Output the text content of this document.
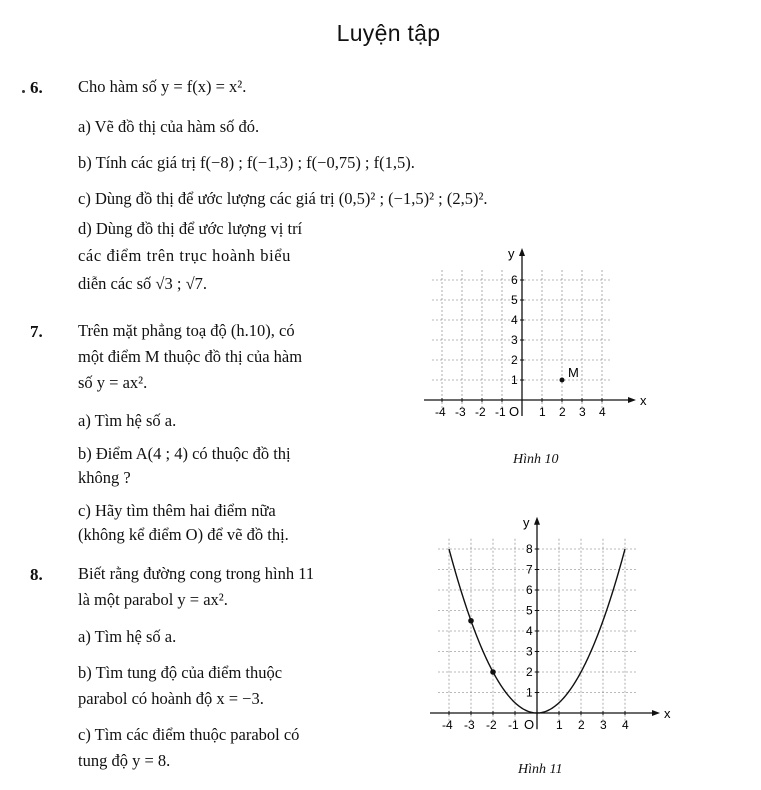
Luyện tập
6. Cho hàm số y = f(x) = x².
a) Vẽ đồ thị của hàm số đó.
b) Tính các giá trị f(−8) ; f(−1,3) ; f(−0,75) ; f(1,5).
c) Dùng đồ thị để ước lượng các giá trị (0,5)² ; (−1,5)² ; (2,5)².
d) Dùng đồ thị để ước lượng vị trí
các điểm trên trục hoành biểu
diễn các số √3 ; √7.
7. Trên mặt phẳng toạ độ (h.10), có
một điểm M thuộc đồ thị của hàm
số y = ax².
a) Tìm hệ số a.
b) Điểm A(4 ; 4) có thuộc đồ thị
không ?
c) Hãy tìm thêm hai điểm nữa
(không kể điểm O) để vẽ đồ thị.
8. Biết rằng đường cong trong hình 11
là một parabol y = ax².
a) Tìm hệ số a.
b) Tìm tung độ của điểm thuộc
parabol có hoành độ x = −3.
c) Tìm các điểm thuộc parabol có
tung độ y = 8.
x
y
O
-4 -3 -2 -1	1 2 3 4
1
2
3
4
5
6
M
Hình 10
x
y
O
-4 -3 -2 -1	1 2 3 4
1
2
3
4
5
6
7
8
Hình 11
